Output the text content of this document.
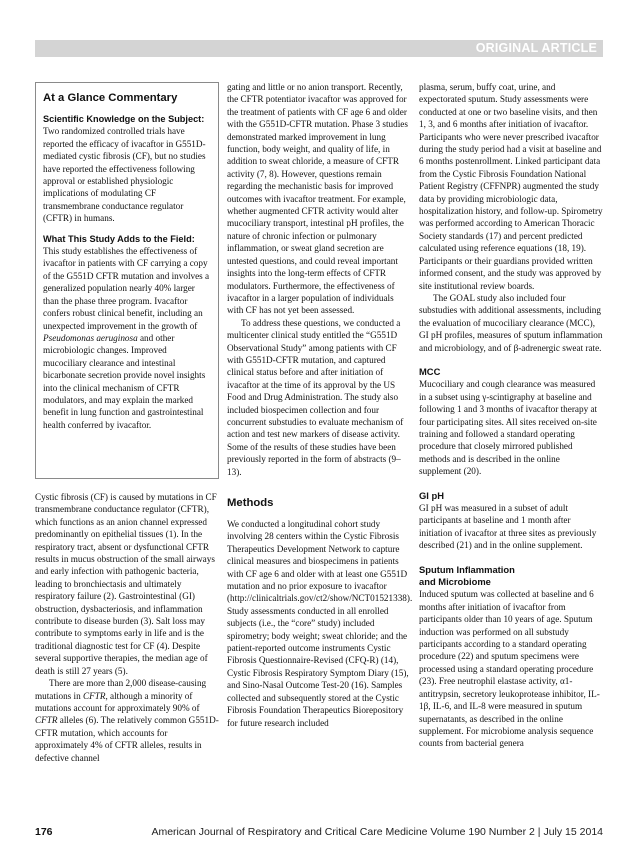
ORIGINAL ARTICLE
At a Glance Commentary

Scientific Knowledge on the Subject: Two randomized controlled trials have reported the efficacy of ivacaftor in G551D-mediated cystic fibrosis (CF), but no studies have reported the effectiveness following approval or established physiologic implications of modulating CF transmembrane conductance regulator (CFTR) in humans.

What This Study Adds to the Field: This study establishes the effectiveness of ivacaftor in patients with CF carrying a copy of the G551D CFTR mutation and involves a generalized population nearly 40% larger than the phase three program. Ivacaftor confers robust clinical benefit, including an unexpected improvement in the growth of Pseudomonas aeruginosa and other microbiologic changes. Improved mucociliary clearance and intestinal bicarbonate secretion provide novel insights into the clinical mechanism of CFTR modulators, and may explain the marked benefit in lung function and gastrointestinal health conferred by ivacaftor.

Cystic fibrosis (CF) is caused by mutations in CF transmembrane conductance regulator (CFTR), which functions as an anion channel expressed predominantly on epithelial tissues (1). In the respiratory tract, absent or dysfunctional CFTR results in mucus obstruction of the small airways and early infection with pathogenic bacteria, leading to bronchiectasis and ultimately respiratory failure (2). Gastrointestinal (GI) obstruction, dysbacteriosis, and inflammation contribute to disease burden (3). Salt loss may contribute to symptoms early in life and is the traditional diagnostic test for CF (4). Despite several supportive therapies, the median age of death is still 27 years (5).

There are more than 2,000 disease-causing mutations in CFTR, although a minority of mutations account for approximately 90% of CFTR alleles (6). The relatively common G551D-CFTR mutation, which accounts for approximately 4% of CFTR alleles, results in defective channel

gating and little or no anion transport. Recently, the CFTR potentiator ivacaftor was approved for the treatment of patients with CF age 6 and older with the G551D-CFTR mutation. Phase 3 studies demonstrated marked improvement in lung function, body weight, and quality of life, in addition to sweat chloride, a measure of CFTR activity (7, 8). However, questions remain regarding the mechanistic basis for improved outcomes with ivacaftor treatment. For example, whether augmented CFTR activity would alter mucociliary transport, intestinal pH profiles, the nature of chronic infection or pulmonary inflammation, or sweat gland secretion are untested questions, and could reveal important insights into the long-term effects of CFTR modulators. Furthermore, the effectiveness of ivacaftor in a larger population of individuals with CF has not yet been assessed.

To address these questions, we conducted a multicenter clinical study entitled the “G551D Observational Study” among patients with CF with G551D-CFTR mutation, and captured clinical status before and after initiation of ivacaftor at the time of its approval by the US Food and Drug Administration. The study also included biospecimen collection and four concurrent substudies to evaluate mechanism of action and test new markers of disease activity. Some of the results of these studies have been previously reported in the form of abstracts (9–13).

Methods

We conducted a longitudinal cohort study involving 28 centers within the Cystic Fibrosis Therapeutics Development Network to capture clinical measures and biospecimens in patients with CF age 6 and older with at least one G551D mutation and no prior exposure to ivacaftor (http://clinicaltrials.gov/ct2/show/NCT01521338). Study assessments conducted in all enrolled subjects (i.e., the “core” study) included spirometry; body weight; sweat chloride; and the patient-reported outcome instruments Cystic Fibrosis Questionnaire-Revised (CFQ-R) (14), Cystic Fibrosis Respiratory Symptom Diary (15), and Sino-Nasal Outcome Test-20 (16). Samples collected and subsequently stored at the Cystic Fibrosis Foundation Therapeutics Biorepository for future research included

plasma, serum, buffy coat, urine, and expectorated sputum. Study assessments were conducted at one or two baseline visits, and then 1, 3, and 6 months after initiation of ivacaftor. Participants who were never prescribed ivacaftor during the study period had a visit at baseline and 6 months postenrollment. Linked participant data from the Cystic Fibrosis Foundation National Patient Registry (CFFNPR) augmented the study data by providing microbiologic data, hospitalization history, and follow-up. Spirometry was performed according to American Thoracic Society standards (17) and percent predicted calculated using reference equations (18, 19). Participants or their guardians provided written informed consent, and the study was approved by site institutional review boards.

The GOAL study also included four substudies with additional assessments, including the evaluation of mucociliary clearance (MCC), GI pH profiles, measures of sputum inflammation and microbiology, and of β-adrenergic sweat rate.

MCC

Mucociliary and cough clearance was measured in a subset using γ-scintigraphy at baseline and following 1 and 3 months of ivacaftor therapy at four participating sites. All sites received on-site training and followed a standard operating procedure that closely mirrored published methods and is described in the online supplement (20).

GI pH

GI pH was measured in a subset of adult participants at baseline and 1 month after initiation of ivacaftor at three sites as previously described (21) and in the online supplement.

Sputum Inflammation
and Microbiome

Induced sputum was collected at baseline and 6 months after initiation of ivacaftor from participants older than 10 years of age. Sputum induction was performed on all substudy participants according to a standard operating procedure (22) and sputum specimens were processed using a standard operating procedure (23). Free neutrophil elastase activity, α1-antitrypsin, secretory leukoprotease inhibitor, IL-1β, IL-6, and IL-8 were measured in sputum supernatants, as described in the online supplement. For microbiome analysis sequence counts from bacterial genera

176	American Journal of Respiratory and Critical Care Medicine Volume 190 Number 2 | July 15 2014
